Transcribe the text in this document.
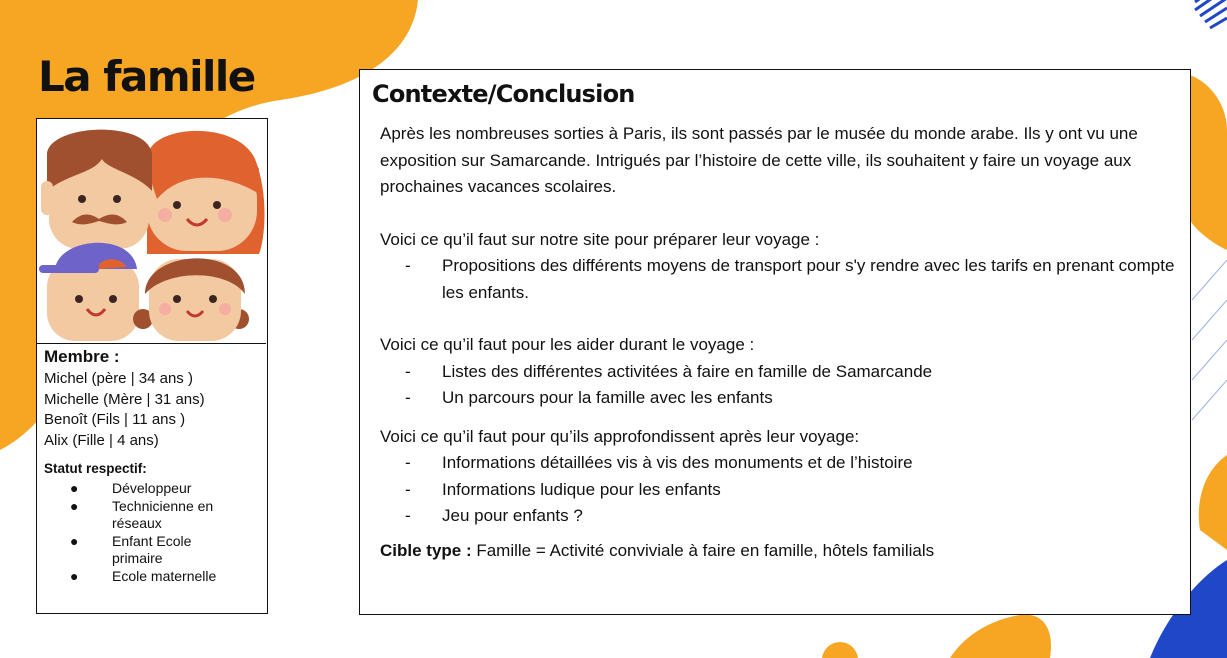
La famille
Membre :

Michel (père | 34 ans )

Michelle (Mère | 31 ans)

Benoît (Fils | 11 ans )

Alix (Fille | 4 ans)

Statut respectif:
● Développeur
● Technicienne en réseaux
● Enfant Ecole primaire
● Ecole maternelle
Contexte/Conclusion

Après les nombreuses sorties à Paris, ils sont passés par le musée du monde arabe. Ils y ont vu une exposition sur Samarcande. Intrigués par l’histoire de cette ville, ils souhaitent y faire un voyage aux prochaines vacances scolaires.

Voici ce qu’il faut sur notre site pour préparer leur voyage :

- Propositions des différents moyens de transport pour s'y rendre avec les tarifs en prenant compte les enfants.

Voici ce qu’il faut pour les aider durant le voyage :

- Listes des différentes activitées à faire en famille de Samarcande
- Un parcours pour la famille avec les enfants

Voici ce qu’il faut pour qu’ils approfondissent après leur voyage:

- Informations détaillées vis à vis des monuments et de l’histoire
- Informations ludique pour les enfants
- Jeu pour enfants ?

Cible type : Famille = Activité conviviale à faire en famille, hôtels familials
